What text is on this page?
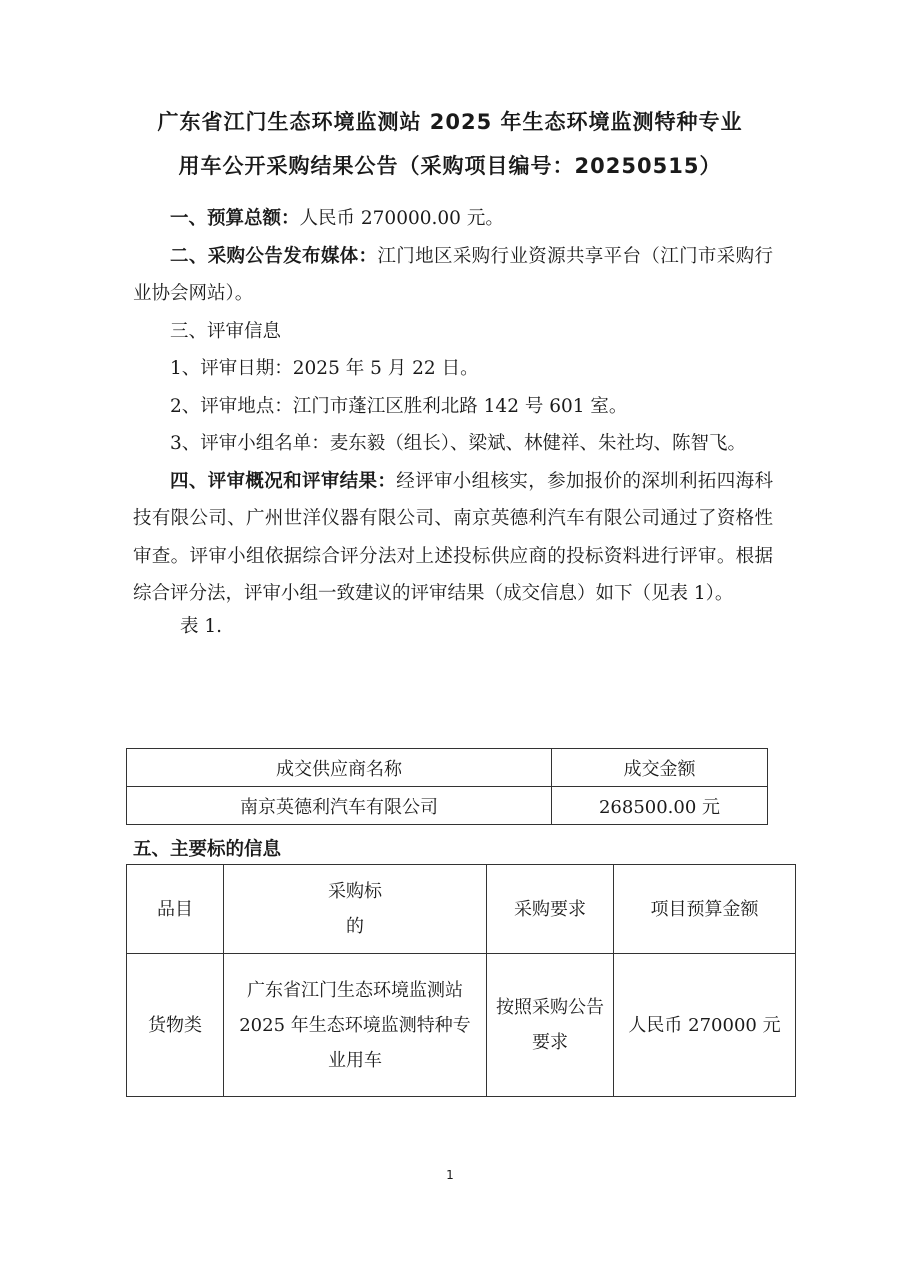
广东省江门生态环境监测站 2025 年生态环境监测特种专业
用车公开采购结果公告（采购项目编号：20250515）

一、预算总额：人民币 270000.00 元。

二、采购公告发布媒体：江门地区采购行业资源共享平台（江门市采购行业协会网站）。

三、评审信息

1、评审日期：2025 年 5 月 22 日。

2、评审地点：江门市蓬江区胜利北路 142 号 601 室。

3、评审小组名单：麦东毅（组长）、梁斌、林健祥、朱社均、陈智飞。

四、评审概况和评审结果：经评审小组核实，参加报价的深圳利拓四海科技有限公司、广州世洋仪器有限公司、南京英德利汽车有限公司通过了资格性审查。评审小组依据综合评分法对上述投标供应商的投标资料进行评审。根据综合评分法，评审小组一致建议的评审结果（成交信息）如下（见表 1）。

表 1.

成交供应商名称	成交金额
南京英德利汽车有限公司	268500.00 元
五、主要标的信息
品目	采购标的	采购要求	项目预算金额
货物类	广东省江门生态环境监测站 2025 年生态环境监测特种专业用车	按照采购公告要求	人民币 270000 元
1
